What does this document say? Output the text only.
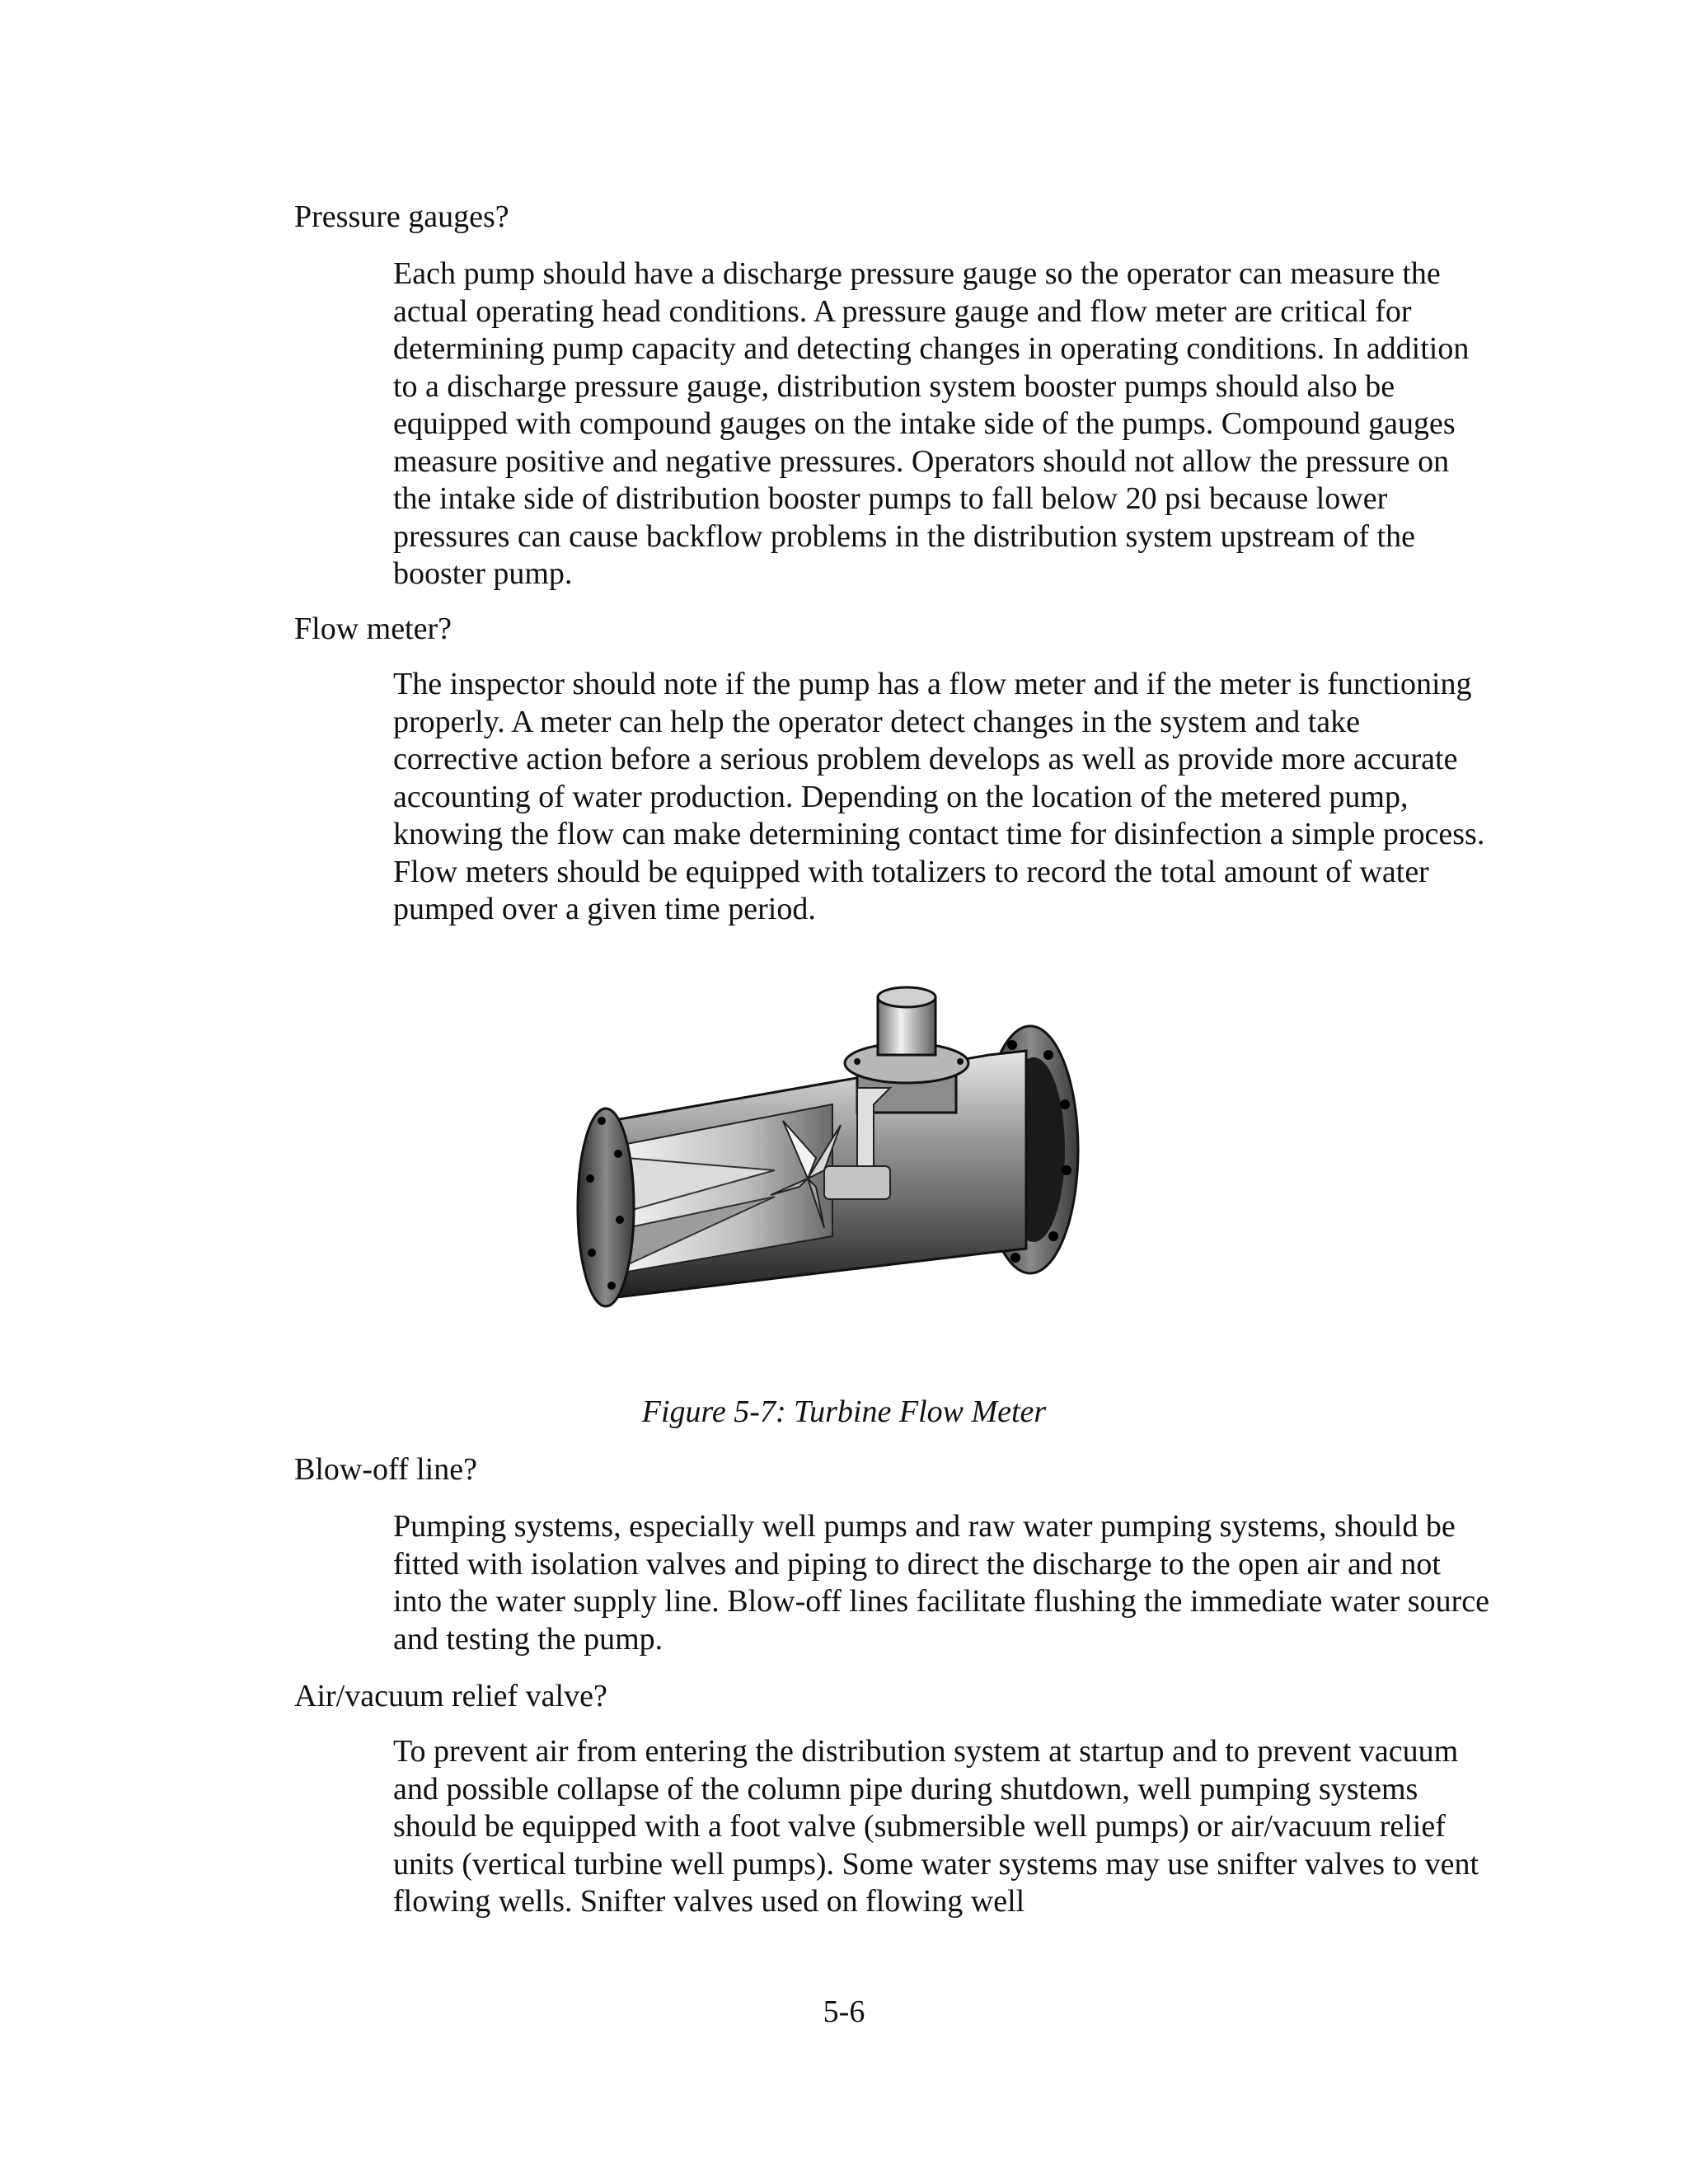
Pressure gauges?

Each pump should have a discharge pressure gauge so the operator can measure the actual operating head conditions. A pressure gauge and flow meter are critical for determining pump capacity and detecting changes in operating conditions. In addition to a discharge pressure gauge, distribution system booster pumps should also be equipped with compound gauges on the intake side of the pumps. Compound gauges measure positive and negative pressures. Operators should not allow the pressure on the intake side of distribution booster pumps to fall below 20 psi because lower pressures can cause backflow problems in the distribution system upstream of the booster pump.

Flow meter?

The inspector should note if the pump has a flow meter and if the meter is functioning properly. A meter can help the operator detect changes in the system and take corrective action before a serious problem develops as well as provide more accurate accounting of water production. Depending on the location of the metered pump, knowing the flow can make determining contact time for disinfection a simple process. Flow meters should be equipped with totalizers to record the total amount of water pumped over a given time period.

Figure 5-7: Turbine Flow Meter
Blow-off line?

Pumping systems, especially well pumps and raw water pumping systems, should be fitted with isolation valves and piping to direct the discharge to the open air and not into the water supply line. Blow-off lines facilitate flushing the immediate water source and testing the pump.

Air/vacuum relief valve?

To prevent air from entering the distribution system at startup and to prevent vacuum and possible collapse of the column pipe during shutdown, well pumping systems should be equipped with a foot valve (submersible well pumps) or air/vacuum relief units (vertical turbine well pumps). Some water systems may use snifter valves to vent flowing wells. Snifter valves used on flowing well

5-6
